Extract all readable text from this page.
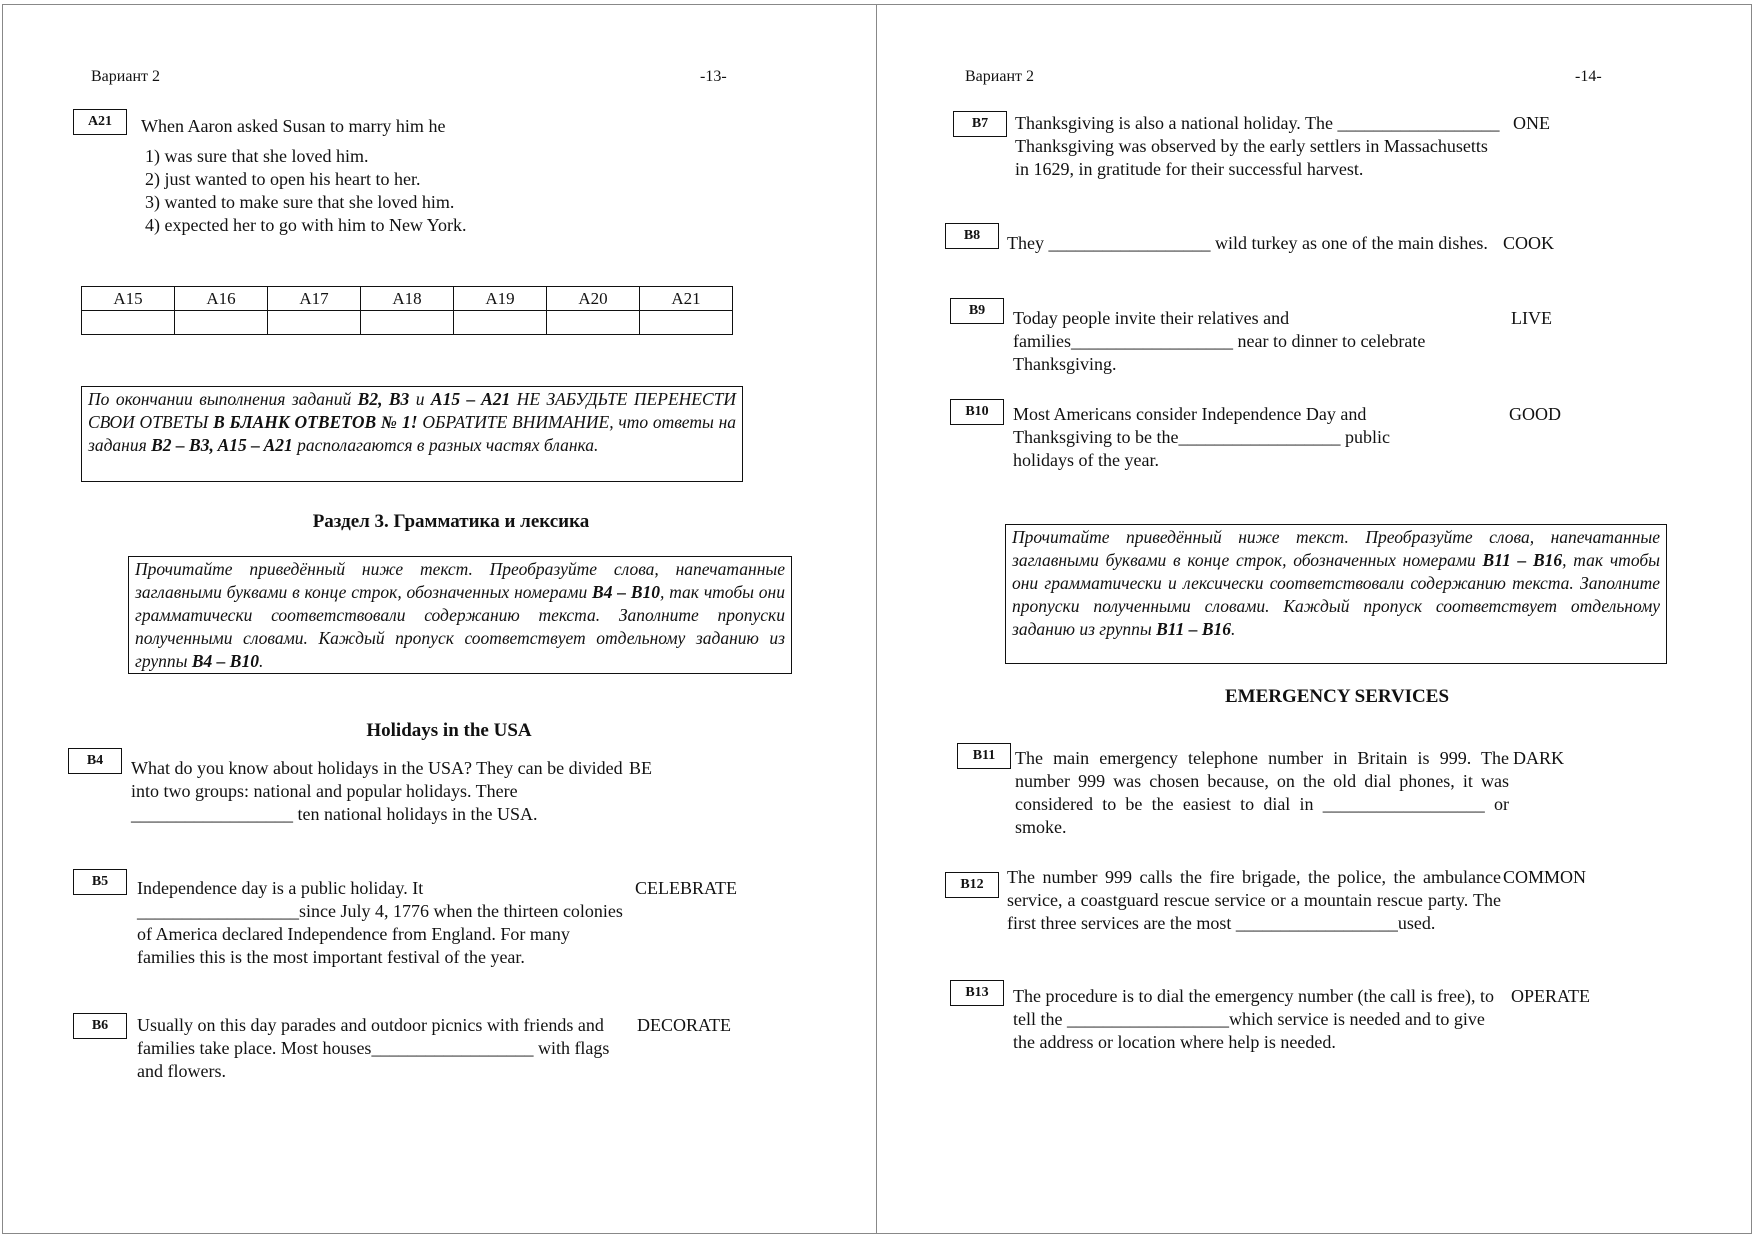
Вариант 2	-13-
A21	When Aaron asked Susan to marry him he
1) was sure that she loved him.
2) just wanted to open his heart to her.
3) wanted to make sure that she loved him.
4) expected her to go with him to New York.
A15	A16	A17	A18	A19	A20	A21

По окончании выполнения заданий B2, B3 и A15 – A21 НЕ ЗАБУДЬТЕ ПЕРЕНЕСТИ СВОИ ОТВЕТЫ В БЛАНК ОТВЕТОВ № 1! ОБРАТИТЕ ВНИМАНИЕ, что ответы на задания B2 – B3, A15 – A21 располагаются в разных частях бланка.
Раздел 3. Грамматика и лексика
Прочитайте приведённый ниже текст. Преобразуйте слова, напечатанные заглавными буквами в конце строк, обозначенных номерами B4 – B10, так чтобы они грамматически соответствовали содержанию текста. Заполните пропуски полученными словами. Каждый пропуск соответствует отдельному заданию из группы B4 – B10.
Holidays in the USA
B4	What do you know about holidays in the USA? They can be divided into two groups: national and popular holidays. There __________________ ten national holidays in the USA.
BE
B5	Independence day is a public holiday. It __________________since July 4, 1776 when the thirteen colonies of America declared Independence from England. For many families this is the most important festival of the year.
CELEBRATE
B6	Usually on this day parades and outdoor picnics with friends and families take place. Most houses__________________ with flags and flowers.
DECORATE
Вариант 2	-14-
B7	Thanksgiving is also a national holiday. The __________________ Thanksgiving was observed by the early settlers in Massachusetts in 1629, in gratitude for their successful harvest.
ONE
B8	They __________________ wild turkey as one of the main dishes. COOK
B9	Today people invite their relatives and families__________________ near to dinner to celebrate Thanksgiving.
LIVE
B10	Most Americans consider Independence Day and Thanksgiving to be the__________________ public holidays of the year.
GOOD
Прочитайте приведённый ниже текст. Преобразуйте слова, напечатанные заглавными буквами в конце строк, обозначенных номерами B11 – B16, так чтобы они грамматически и лексически соответствовали содержанию текста. Заполните пропуски полученными словами. Каждый пропуск соответствует отдельному заданию из группы B11 – B16.
EMERGENCY SERVICES
B11	The main emergency telephone number in Britain is 999. The number 999 was chosen because, on the old dial phones, it was considered to be the easiest to dial in __________________ or smoke.
DARK
B12	The number 999 calls the fire brigade, the police, the ambulance service, a coastguard rescue service or a mountain rescue party. The first three services are the most __________________used.
COMMON
B13	The procedure is to dial the emergency number (the call is free), to tell the __________________which service is needed and to give the address or location where help is needed.
OPERATE
